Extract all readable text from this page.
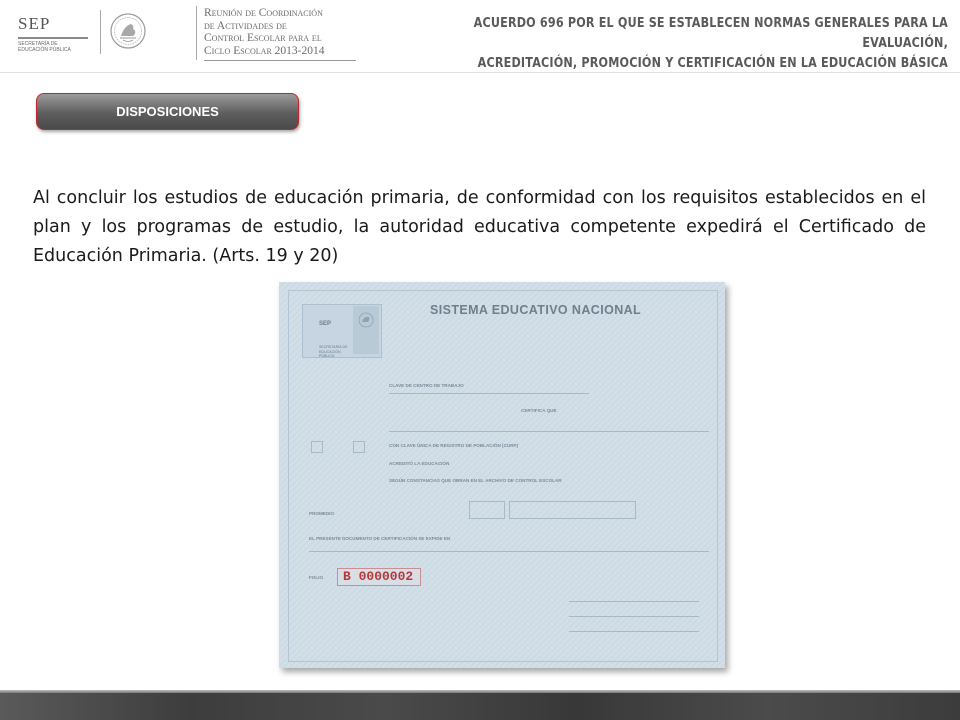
SEP
SECRETARÍA DE
EDUCACIÓN PÚBLICA
Reunión de Coordinación
de Actividades de
Control Escolar para el
Ciclo Escolar 2013-2014
ACUERDO 696 POR EL QUE SE ESTABLECEN NORMAS GENERALES PARA LA EVALUACIÓN,
ACREDITACIÓN, PROMOCIÓN Y CERTIFICACIÓN EN LA EDUCACIÓN BÁSICA
DISPOSICIONES
Al concluir los estudios de educación primaria, de conformidad con los requisitos establecidos en el plan y los programas de estudio, la autoridad educativa competente expedirá el Certificado de Educación Primaria. (Arts. 19 y 20)
SEP
SECRETARÍA DE
EDUCACIÓN PÚBLICA
SISTEMA EDUCATIVO NACIONAL
CLAVE DE CENTRO DE TRABAJO
CERTIFICA QUE
CON CLAVE ÚNICA DE REGISTRO DE POBLACIÓN (CURP)
ACREDITÓ LA EDUCACIÓN
SEGÚN CONSTANCIAS QUE OBRAN EN EL ARCHIVO DE CONTROL ESCOLAR
PROMEDIO
EL PRESENTE DOCUMENTO DE CERTIFICACIÓN SE EXPIDE EN
FOLIO B 0000002
